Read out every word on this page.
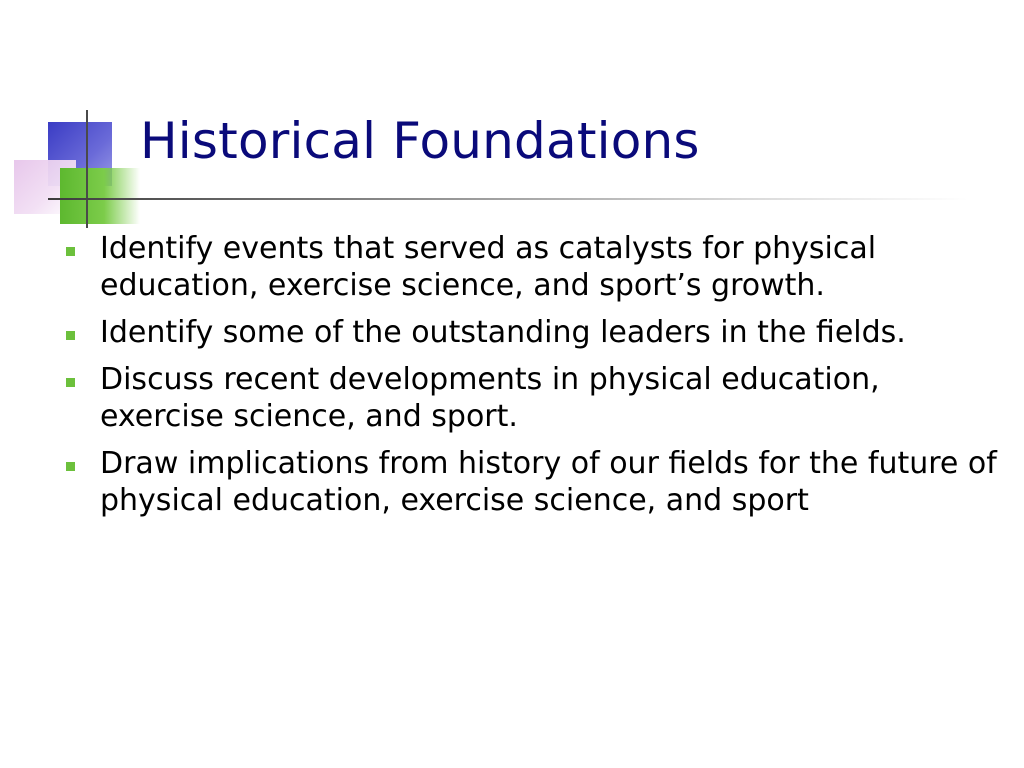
Historical Foundations
Identify events that served as catalysts for physical education, exercise science, and sport’s growth.
Identify some of the outstanding leaders in the fields.
Discuss recent developments in physical education, exercise science, and sport.
Draw implications from history of our fields for the future of physical education, exercise science, and sport
